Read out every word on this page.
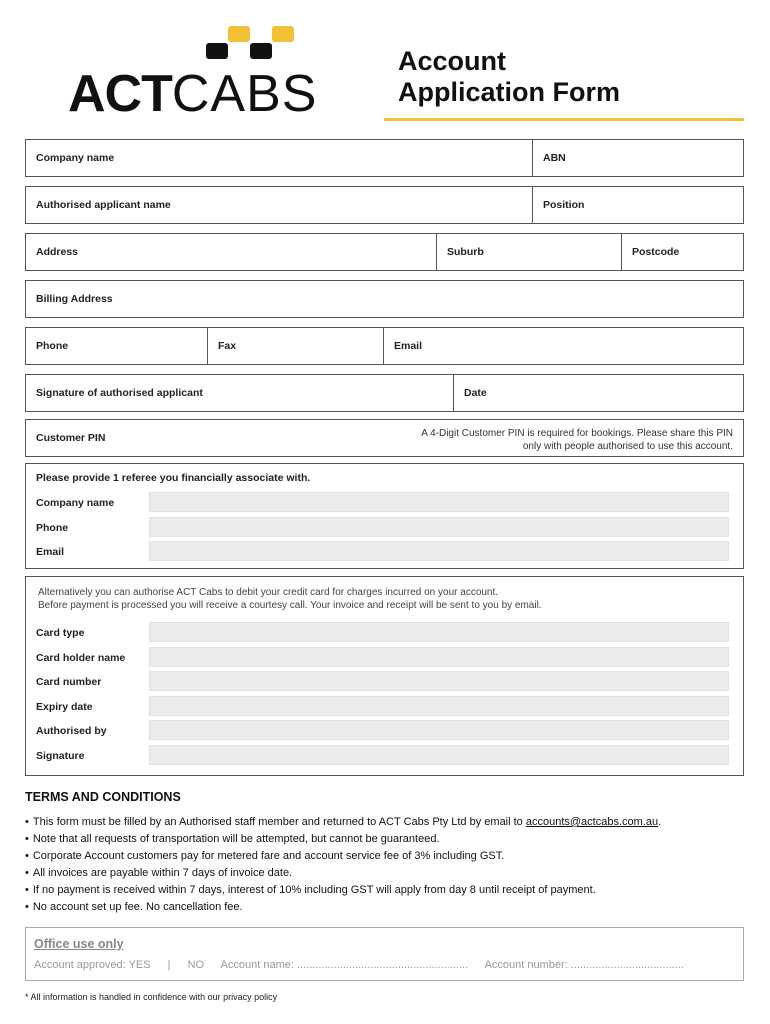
ACTCABS
Account
Application Form
Company name	ABN
Authorised applicant name	Position
Address	Suburb	Postcode
Billing Address
Phone	Fax	Email
Signature of authorised applicant	Date
Customer PIN	A 4-Digit Customer PIN is required for bookings. Please share this PIN only with people authorised to use this account.
Please provide 1 referee you financially associate with.
Company name
Phone
Email
Alternatively you can authorise ACT Cabs to debit your credit card for charges incurred on your account.
Before payment is processed you will receive a courtesy call. Your invoice and receipt will be sent to you by email.
Card type
Card holder name
Card number
Expiry date
Authorised by
Signature
TERMS AND CONDITIONS
• This form must be filled by an Authorised staff member and returned to ACT Cabs Pty Ltd by email to accounts@actcabs.com.au.
• Note that all requests of transportation will be attempted, but cannot be guaranteed.
• Corporate Account customers pay for metered fare and account service fee of 3% including GST.
• All invoices are payable within 7 days of invoice date.
• If no payment is received within 7 days, interest of 10% including GST will apply from day 8 until receipt of payment.
• No account set up fee. No cancellation fee.
Office use only
Account approved: YES | NO Account name: ........................................................ Account number: .....................................
* All information is handled in confidence with our privacy policy
